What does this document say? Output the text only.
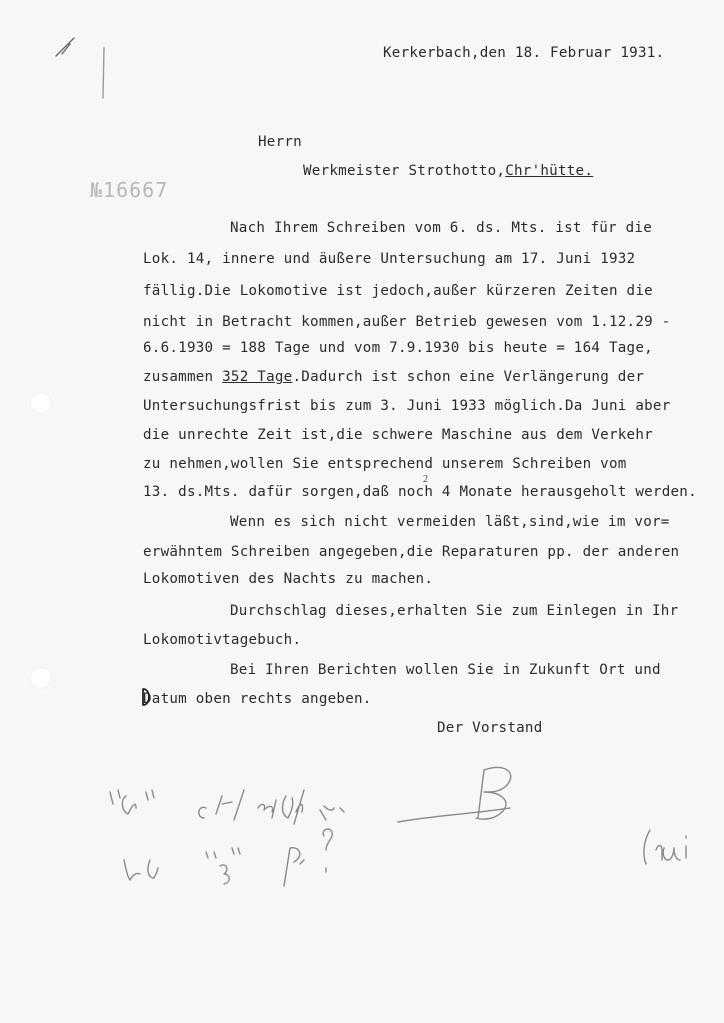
Kerkerbach,den 18. Februar 1931.
Herrn
Werkmeister Strothotto,Chr'hütte.
№16667
Nach Ihrem Schreiben vom 6. ds. Mts. ist für die
Lok. 14, innere und äußere Untersuchung am 17. Juni 1932
fällig.Die Lokomotive ist jedoch,außer kürzeren Zeiten die
nicht in Betracht kommen,außer Betrieb gewesen vom 1.12.29 -
6.6.1930 = 188 Tage und vom 7.9.1930 bis heute = 164 Tage,
zusammen 352 Tage.Dadurch ist schon eine Verlängerung der
Untersuchungsfrist bis zum 3. Juni 1933 möglich.Da Juni aber
die unrechte Zeit ist,die schwere Maschine aus dem Verkehr
zu nehmen,wollen Sie entsprechend unserem Schreiben vom
2
13. ds.Mts. dafür sorgen,daß noch 4 Monate herausgeholt werden.
Wenn es sich nicht vermeiden läßt,sind,wie im vor=
erwähntem Schreiben angegeben,die Reparaturen pp. der anderen
Lokomotiven des Nachts zu machen.
Durchschlag dieses,erhalten Sie zum Einlegen in Ihr
Lokomotivtagebuch.
Bei Ihren Berichten wollen Sie in Zukunft Ort und
Datum oben rechts angeben.
Der Vorstand
